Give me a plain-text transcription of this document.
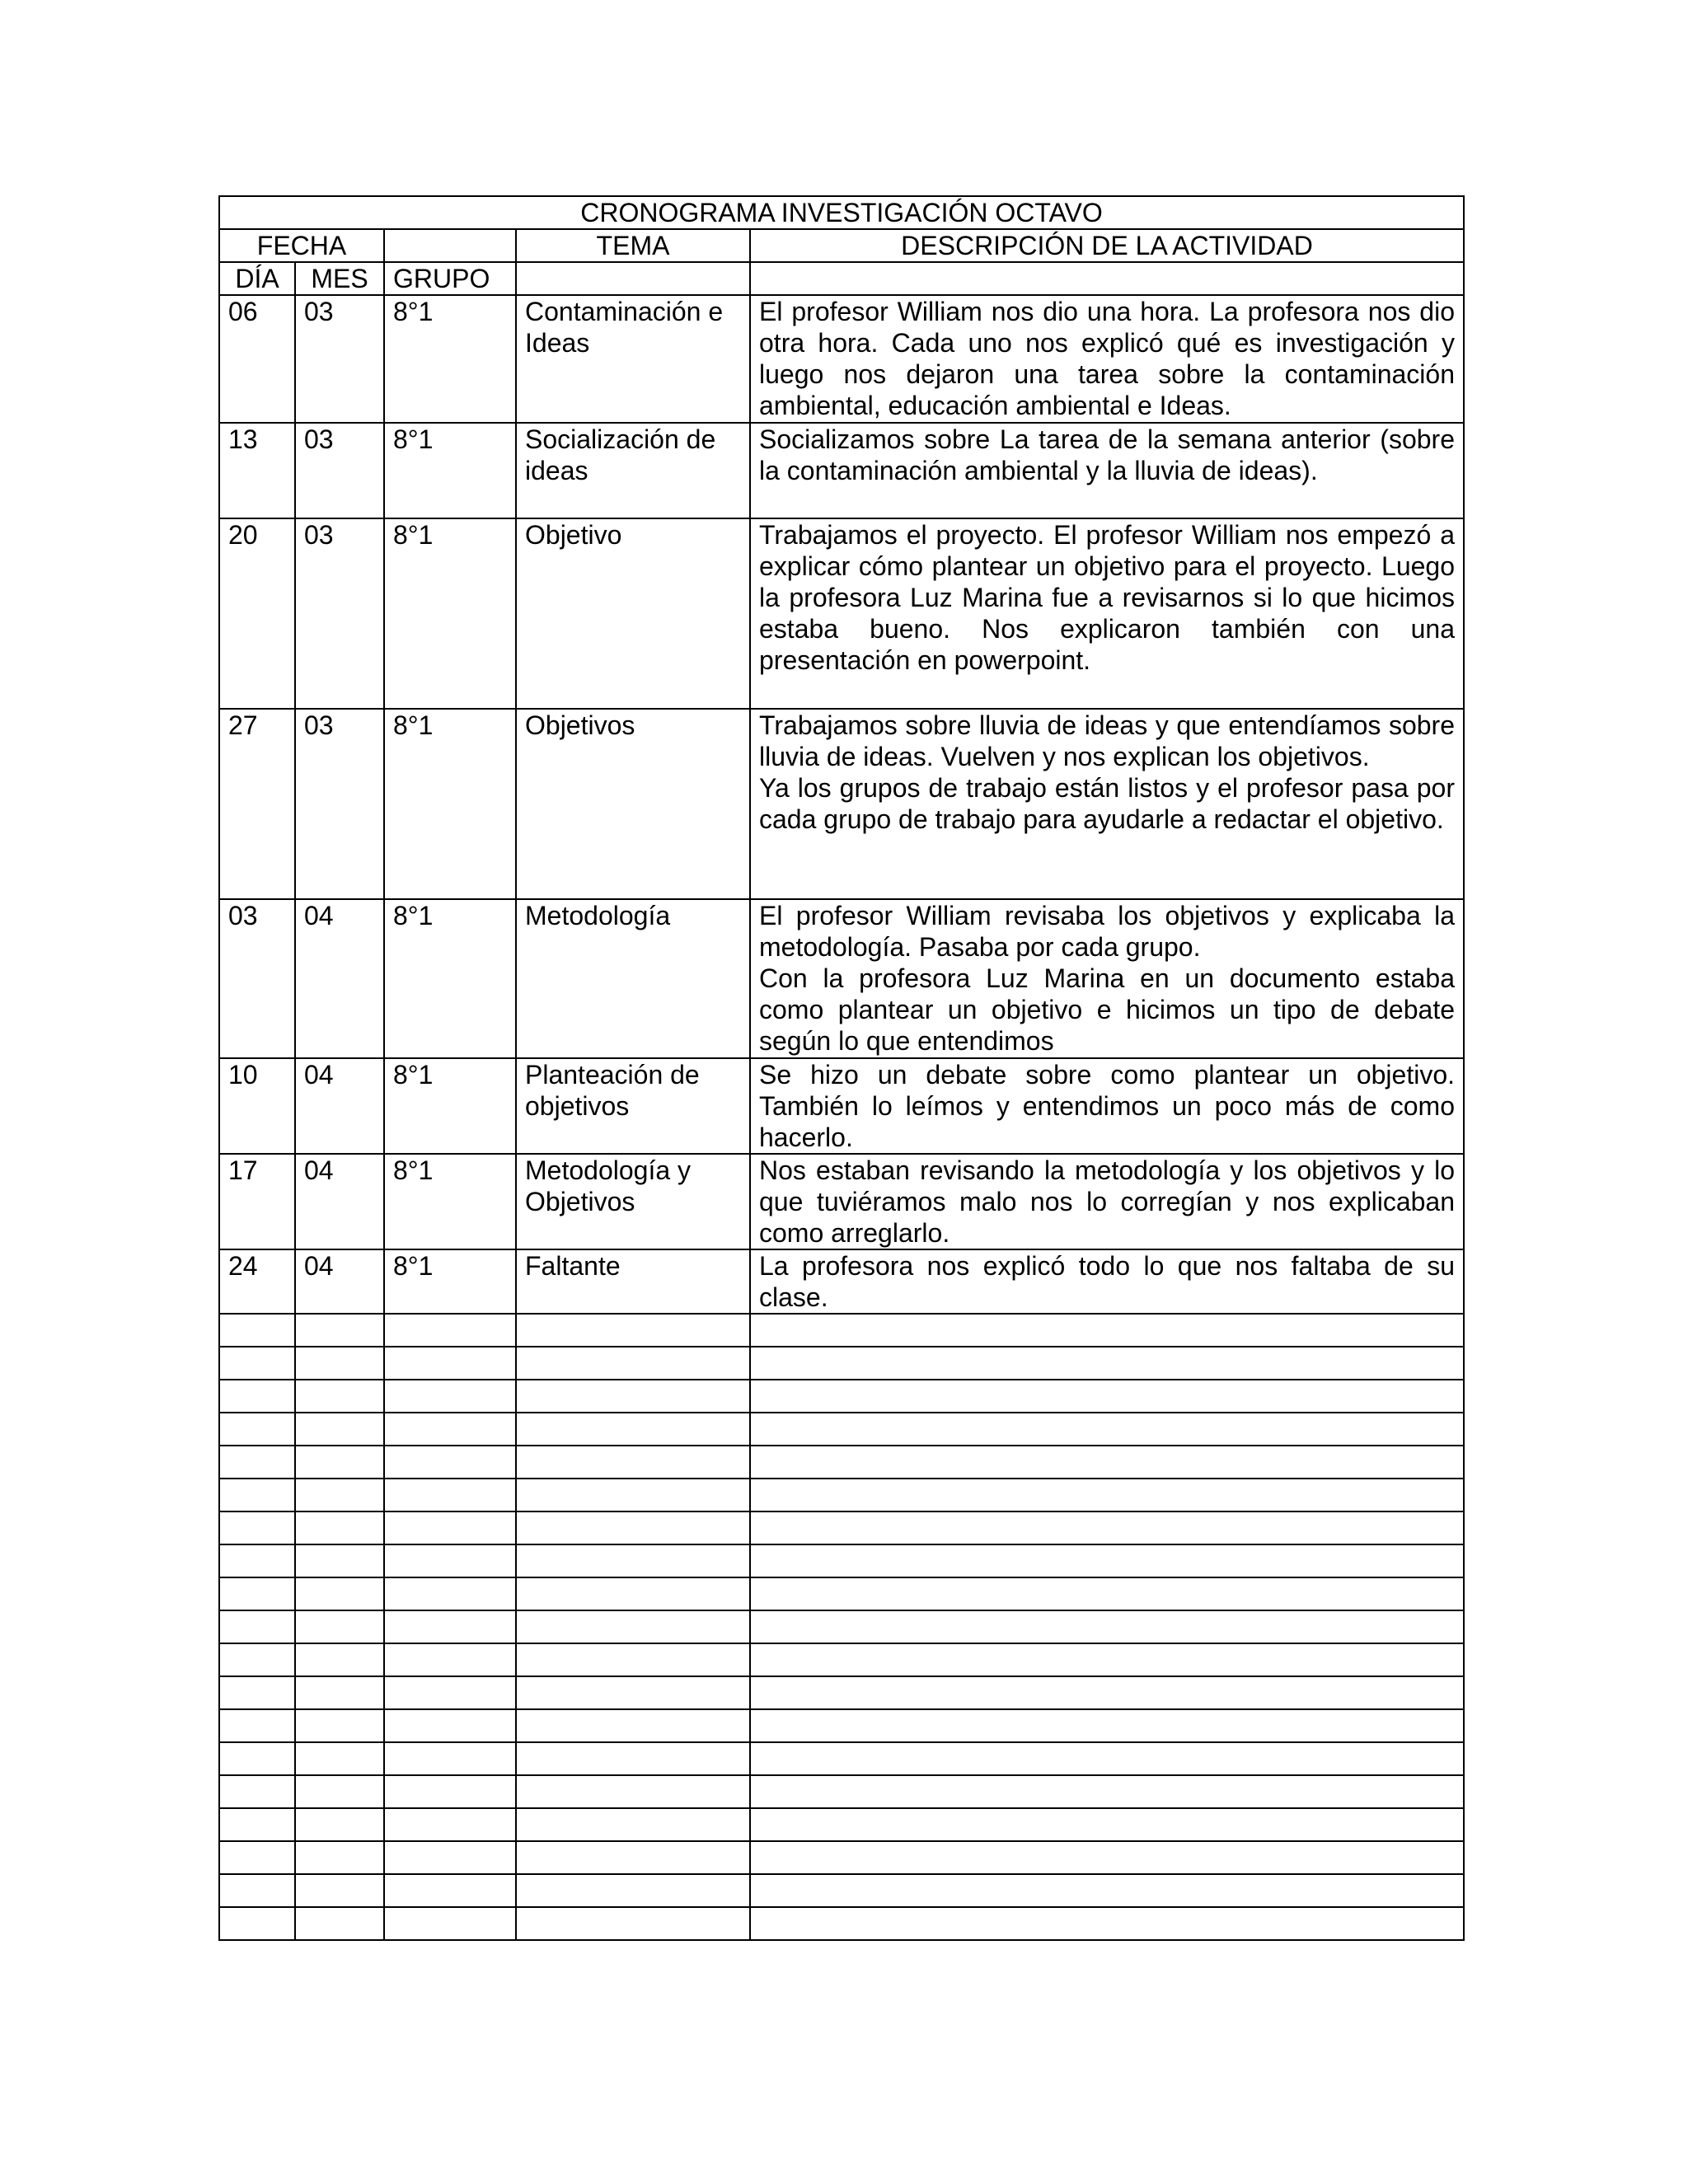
CRONOGRAMA INVESTIGACIÓN OCTAVO				
FECHA			TEMA	DESCRIPCIÓN DE LA ACTIVIDAD
DÍA	MES	GRUPO		
06	03	8°1	Contaminación e Ideas	El profesor William nos dio una hora. La profesora nos dio otra hora. Cada uno nos explicó qué es investigación y luego nos dejaron una tarea sobre la contaminación ambiental, educación ambiental e Ideas.
13	03	8°1	Socialización de ideas	Socializamos sobre La tarea de la semana anterior (sobre la contaminación ambiental y la lluvia de ideas).
20	03	8°1	Objetivo	Trabajamos el proyecto. El profesor William nos empezó a explicar cómo plantear un objetivo para el proyecto. Luego la profesora Luz Marina fue a revisarnos si lo que hicimos estaba bueno. Nos explicaron también con una presentación en powerpoint.
27	03	8°1	Objetivos	Trabajamos sobre lluvia de ideas y que entendíamos sobre lluvia de ideas. Vuelven y nos explican los objetivos.
Ya los grupos de trabajo están listos y el profesor pasa por cada grupo de trabajo para ayudarle a redactar el objetivo.
03	04	8°1	Metodología	El profesor William revisaba los objetivos y explicaba la metodología. Pasaba por cada grupo.
Con la profesora Luz Marina en un documento estaba como plantear un objetivo e hicimos un tipo de debate según lo que entendimos
10	04	8°1	Planteación de objetivos	Se hizo un debate sobre como plantear un objetivo. También lo leímos y entendimos un poco más de como hacerlo.
17	04	8°1	Metodología y Objetivos	Nos estaban revisando la metodología y los objetivos y lo que tuviéramos malo nos lo corregían y nos explicaban como arreglarlo.
24	04	8°1	Faltante	La profesora nos explicó todo lo que nos faltaba de su clase.
